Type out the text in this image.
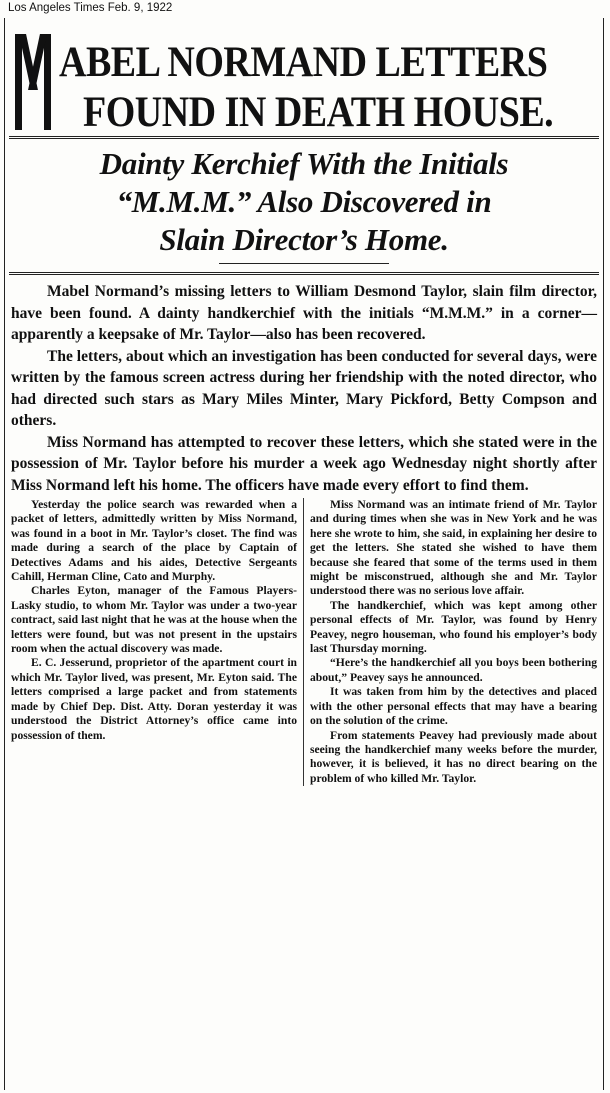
Los Angeles Times Feb. 9, 1922
ABEL NORMAND LETTERS
FOUND IN DEATH HOUSE.
Dainty Kerchief With the Initials
“M.M.M.” Also Discovered in
Slain Director’s Home.

Mabel Normand’s missing letters to William Desmond Taylor, slain film director, have been found. A dainty handkerchief with the initials “M.M.M.” in a corner—apparently a keepsake of Mr. Taylor—also has been recovered.

The letters, about which an investigation has been conducted for several days, were written by the famous screen actress during her friendship with the noted director, who had directed such stars as Mary Miles Minter, Mary Pickford, Betty Compson and others.

Miss Normand has attempted to recover these letters, which she stated were in the possession of Mr. Taylor before his murder a week ago Wednesday night shortly after Miss Normand left his home. The officers have made every effort to find them.

Yesterday the police search was rewarded when a packet of letters, admittedly written by Miss Normand, was found in a boot in Mr. Taylor’s closet. The find was made during a search of the place by Captain of Detectives Adams and his aides, Detective Sergeants Cahill, Herman Cline, Cato and Murphy.

Charles Eyton, manager of the Famous Players-Lasky studio, to whom Mr. Taylor was under a two-year contract, said last night that he was at the house when the letters were found, but was not present in the upstairs room when the actual discovery was made.

E. C. Jesserund, proprietor of the apartment court in which Mr. Taylor lived, was present, Mr. Eyton said. The letters comprised a large packet and from statements made by Chief Dep. Dist. Atty. Doran yesterday it was understood the District Attorney’s office came into possession of them.

Miss Normand was an intimate friend of Mr. Taylor and during times when she was in New York and he was here she wrote to him, she said, in explaining her desire to get the letters. She stated she wished to have them because she feared that some of the terms used in them might be misconstrued, although she and Mr. Taylor understood there was no serious love affair.

The handkerchief, which was kept among other personal effects of Mr. Taylor, was found by Henry Peavey, negro houseman, who found his employer’s body last Thursday morning.

“Here’s the handkerchief all you boys been bothering about,” Peavey says he announced.

It was taken from him by the detectives and placed with the other personal effects that may have a bearing on the solution of the crime.

From statements Peavey had previously made about seeing the handkerchief many weeks before the murder, however, it is believed, it has no direct bearing on the problem of who killed Mr. Taylor.
